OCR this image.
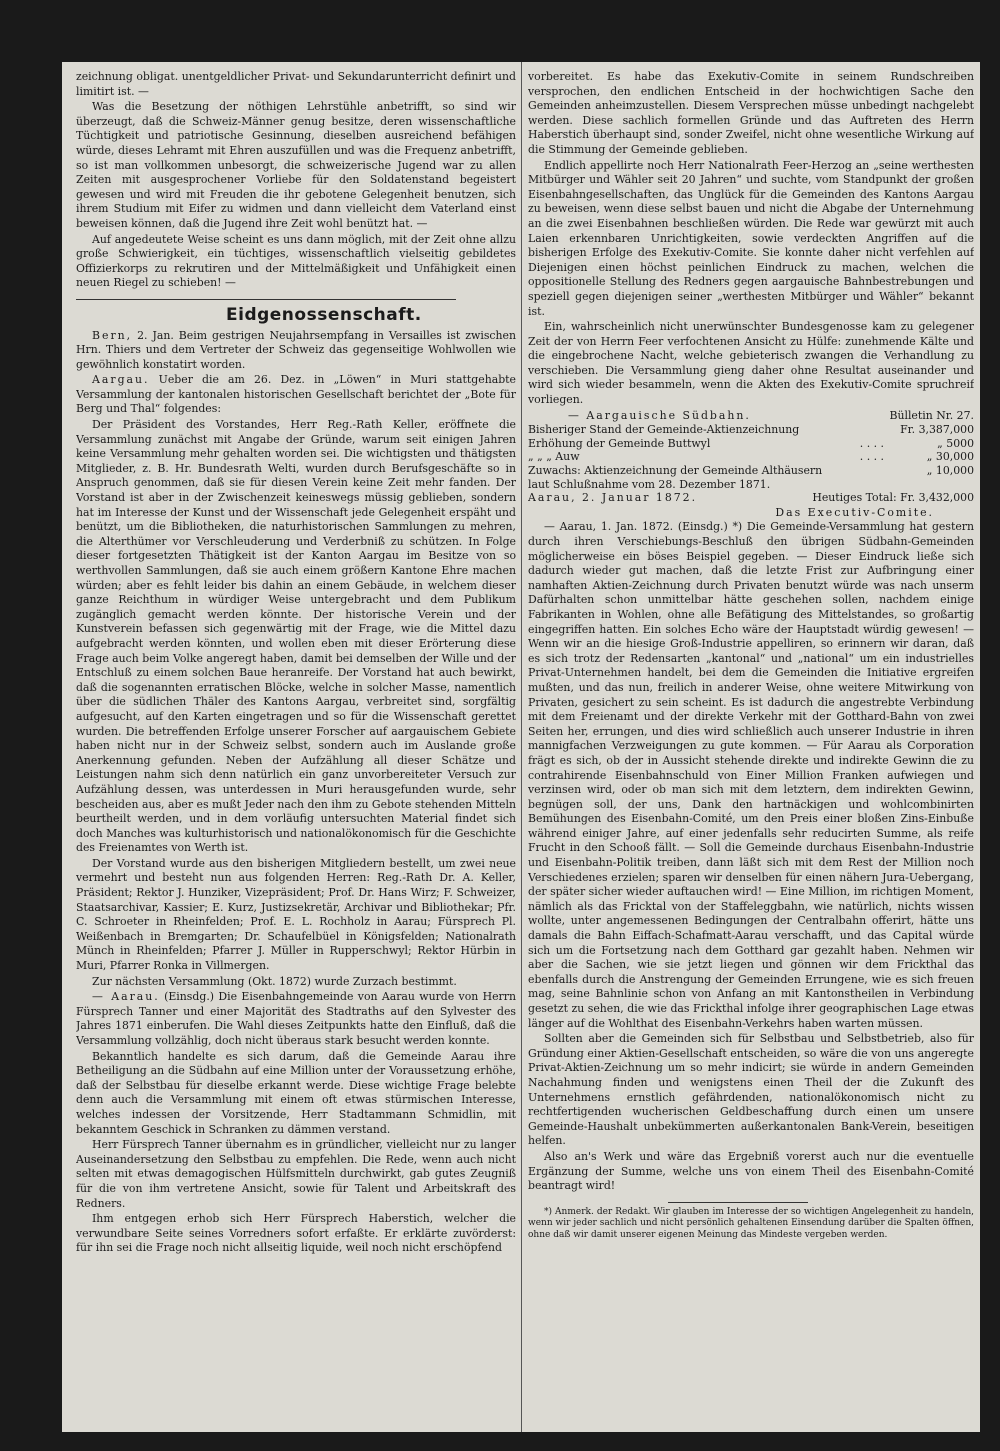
zeichnung obligat. unentgeldlicher Privat- und Sekundarunterricht definirt und limitirt ist. —

Was die Besetzung der nöthigen Lehrstühle anbetrifft, so sind wir überzeugt, daß die Schweiz-Männer genug besitze, deren wissenschaftliche Tüchtigkeit und patriotische Gesinnung, dieselben ausreichend befähigen würde, dieses Lehramt mit Ehren auszufüllen und was die Frequenz anbetrifft, so ist man vollkommen unbesorgt, die schweizerische Jugend war zu allen Zeiten mit ausgesprochener Vorliebe für den Soldatenstand begeistert gewesen und wird mit Freuden die ihr gebotene Gelegenheit benutzen, sich ihrem Studium mit Eifer zu widmen und dann vielleicht dem Vaterland einst beweisen können, daß die Jugend ihre Zeit wohl benützt hat. —

Auf angedeutete Weise scheint es uns dann möglich, mit der Zeit ohne allzu große Schwierigkeit, ein tüchtiges, wissenschaftlich vielseitig gebildetes Offizierkorps zu rekrutiren und der Mittelmäßigkeit und Unfähigkeit einen neuen Riegel zu schieben! —

Eidgenossenschaft.

Bern, 2. Jan. Beim gestrigen Neujahrsempfang in Versailles ist zwischen Hrn. Thiers und dem Vertreter der Schweiz das gegenseitige Wohlwollen wie gewöhnlich konstatirt worden.

Aargau. Ueber die am 26. Dez. in „Löwen“ in Muri stattgehabte Versammlung der kantonalen historischen Gesellschaft berichtet der „Bote für Berg und Thal“ folgendes:

Der Präsident des Vorstandes, Herr Reg.-Rath Keller, eröffnete die Versammlung zunächst mit Angabe der Gründe, warum seit einigen Jahren keine Versammlung mehr gehalten worden sei. Die wichtigsten und thätigsten Mitglieder, z. B. Hr. Bundesrath Welti, wurden durch Berufsgeschäfte so in Anspruch genommen, daß sie für diesen Verein keine Zeit mehr fanden. Der Vorstand ist aber in der Zwischenzeit keineswegs müssig geblieben, sondern hat im Interesse der Kunst und der Wissenschaft jede Gelegenheit erspäht und benützt, um die Bibliotheken, die naturhistorischen Sammlungen zu mehren, die Alterthümer vor Verschleuderung und Verderbniß zu schützen. In Folge dieser fortgesetzten Thätigkeit ist der Kanton Aargau im Besitze von so werthvollen Sammlungen, daß sie auch einem größern Kantone Ehre machen würden; aber es fehlt leider bis dahin an einem Gebäude, in welchem dieser ganze Reichthum in würdiger Weise untergebracht und dem Publikum zugänglich gemacht werden könnte. Der historische Verein und der Kunstverein befassen sich gegenwärtig mit der Frage, wie die Mittel dazu aufgebracht werden könnten, und wollen eben mit dieser Erörterung diese Frage auch beim Volke angeregt haben, damit bei demselben der Wille und der Entschluß zu einem solchen Baue heranreife. Der Vorstand hat auch bewirkt, daß die sogenannten erratischen Blöcke, welche in solcher Masse, namentlich über die südlichen Thäler des Kantons Aargau, verbreitet sind, sorgfältig aufgesucht, auf den Karten eingetragen und so für die Wissenschaft gerettet wurden. Die betreffenden Erfolge unserer Forscher auf aargauischem Gebiete haben nicht nur in der Schweiz selbst, sondern auch im Auslande große Anerkennung gefunden. Neben der Aufzählung all dieser Schätze und Leistungen nahm sich denn natürlich ein ganz unvorbereiteter Versuch zur Aufzählung dessen, was unterdessen in Muri herausgefunden wurde, sehr bescheiden aus, aber es mußt Jeder nach den ihm zu Gebote stehenden Mitteln beurtheilt werden, und in dem vorläufig untersuchten Material findet sich doch Manches was kulturhistorisch und nationalökonomisch für die Geschichte des Freienamtes von Werth ist.

Der Vorstand wurde aus den bisherigen Mitgliedern bestellt, um zwei neue vermehrt und besteht nun aus folgenden Herren: Reg.-Rath Dr. A. Keller, Präsident; Rektor J. Hunziker, Vizepräsident; Prof. Dr. Hans Wirz; F. Schweizer, Staatsarchivar, Kassier; E. Kurz, Justizsekretär, Archivar und Bibliothekar; Pfr. C. Schroeter in Rheinfelden; Prof. E. L. Rochholz in Aarau; Fürsprech Pl. Weißenbach in Bremgarten; Dr. Schaufelbüel in Königsfelden; Nationalrath Münch in Rheinfelden; Pfarrer J. Müller in Rupperschwyl; Rektor Hürbin in Muri, Pfarrer Ronka in Villmergen.

Zur nächsten Versammlung (Okt. 1872) wurde Zurzach bestimmt.

— Aarau. (Einsdg.) Die Eisenbahngemeinde von Aarau wurde von Herrn Fürsprech Tanner und einer Majorität des Stadtraths auf den Sylvester des Jahres 1871 einberufen. Die Wahl dieses Zeitpunkts hatte den Einfluß, daß die Versammlung vollzählig, doch nicht überaus stark besucht werden konnte.

Bekanntlich handelte es sich darum, daß die Gemeinde Aarau ihre Betheiligung an die Südbahn auf eine Million unter der Voraussetzung erhöhe, daß der Selbstbau für dieselbe erkannt werde. Diese wichtige Frage belebte denn auch die Versammlung mit einem oft etwas stürmischen Interesse, welches indessen der Vorsitzende, Herr Stadtammann Schmidlin, mit bekanntem Geschick in Schranken zu dämmen verstand.

Herr Fürsprech Tanner übernahm es in gründlicher, vielleicht nur zu langer Auseinandersetzung den Selbstbau zu empfehlen. Die Rede, wenn auch nicht selten mit etwas demagogischen Hülfsmitteln durchwirkt, gab gutes Zeugniß für die von ihm vertretene Ansicht, sowie für Talent und Arbeitskraft des Redners.

Ihm entgegen erhob sich Herr Fürsprech Haberstich, welcher die verwundbare Seite seines Vorredners sofort erfaßte. Er erklärte zuvörderst: für ihn sei die Frage noch nicht allseitig liquide, weil noch nicht erschöpfend

vorbereitet. Es habe das Exekutiv-Comite in seinem Rundschreiben versprochen, den endlichen Entscheid in der hochwichtigen Sache den Gemeinden anheimzustellen. Diesem Versprechen müsse unbedingt nachgelebt werden. Diese sachlich formellen Gründe und das Auftreten des Herrn Haberstich überhaupt sind, sonder Zweifel, nicht ohne wesentliche Wirkung auf die Stimmung der Gemeinde geblieben.

Endlich appellirte noch Herr Nationalrath Feer-Herzog an „seine werthesten Mitbürger und Wähler seit 20 Jahren“ und suchte, vom Standpunkt der großen Eisenbahngesellschaften, das Unglück für die Gemeinden des Kantons Aargau zu beweisen, wenn diese selbst bauen und nicht die Abgabe der Unternehmung an die zwei Eisenbahnen beschließen würden. Die Rede war gewürzt mit auch Laien erkennbaren Unrichtigkeiten, sowie verdeckten Angriffen auf die bisherigen Erfolge des Exekutiv-Comite. Sie konnte daher nicht verfehlen auf Diejenigen einen höchst peinlichen Eindruck zu machen, welchen die oppositionelle Stellung des Redners gegen aargauische Bahnbestrebungen und speziell gegen diejenigen seiner „werthesten Mitbürger und Wähler“ bekannt ist.

Ein, wahrscheinlich nicht unerwünschter Bundesgenosse kam zu gelegener Zeit der von Herrn Feer verfochtenen Ansicht zu Hülfe: zunehmende Kälte und die eingebrochene Nacht, welche gebieterisch zwangen die Verhandlung zu verschieben. Die Versammlung gieng daher ohne Resultat auseinander und wird sich wieder besammeln, wenn die Akten des Exekutiv-Comite spruchreif vorliegen.

— Aargauische Südbahn.	Bülletin Nr. 27.
Bisheriger Stand der Gemeinde-Aktienzeichnung		Fr. 3,387,000
Erhöhung der Gemeinde Buttwyl	. . . .	„ 5000
„ „ „ Auw	. . . .	„ 30,000
Zuwachs: Aktienzeichnung der Gemeinde Althäusern		„ 10,000
laut Schlußnahme vom 28. Dezember 1871.		
Aarau, 2. Januar 1872.	Heutiges Total: Fr. 3,432,000
Das Executiv-Comite.

— Aarau, 1. Jan. 1872. (Einsdg.) *) Die Gemeinde-Versammlung hat gestern durch ihren Verschiebungs-Beschluß den übrigen Südbahn-Gemeinden möglicherweise ein böses Beispiel gegeben. — Dieser Eindruck ließe sich dadurch wieder gut machen, daß die letzte Frist zur Aufbringung einer namhaften Aktien-Zeichnung durch Privaten benutzt würde was nach unserm Dafürhalten schon unmittelbar hätte geschehen sollen, nachdem einige Fabrikanten in Wohlen, ohne alle Befätigung des Mittelstandes, so großartig eingegriffen hatten. Ein solches Echo wäre der Hauptstadt würdig gewesen! — Wenn wir an die hiesige Groß-Industrie appelliren, so erinnern wir daran, daß es sich trotz der Redensarten „kantonal“ und „national“ um ein industrielles Privat-Unternehmen handelt, bei dem die Gemeinden die Initiative ergreifen mußten, und das nun, freilich in anderer Weise, ohne weitere Mitwirkung von Privaten, gesichert zu sein scheint. Es ist dadurch die angestrebte Verbindung mit dem Freienamt und der direkte Verkehr mit der Gotthard-Bahn von zwei Seiten her, errungen, und dies wird schließlich auch unserer Industrie in ihren mannigfachen Verzweigungen zu gute kommen. — Für Aarau als Corporation frägt es sich, ob der in Aussicht stehende direkte und indirekte Gewinn die zu contrahirende Eisenbahnschuld von Einer Million Franken aufwiegen und verzinsen wird, oder ob man sich mit dem letztern, dem indirekten Gewinn, begnügen soll, der uns, Dank den hartnäckigen und wohlcombinirten Bemühungen des Eisenbahn-Comité, um den Preis einer bloßen Zins-Einbuße während einiger Jahre, auf einer jedenfalls sehr reducirten Summe, als reife Frucht in den Schooß fällt. — Soll die Gemeinde durchaus Eisenbahn-Industrie und Eisenbahn-Politik treiben, dann läßt sich mit dem Rest der Million noch Verschiedenes erzielen; sparen wir denselben für einen nähern Jura-Uebergang, der später sicher wieder auftauchen wird! — Eine Million, im richtigen Moment, nämlich als das Fricktal von der Staffeleggbahn, wie natürlich, nichts wissen wollte, unter angemessenen Bedingungen der Centralbahn offerirt, hätte uns damals die Bahn Eiffach-Schafmatt-Aarau verschafft, und das Capital würde sich um die Fortsetzung nach dem Gotthard gar gezahlt haben. Nehmen wir aber die Sachen, wie sie jetzt liegen und gönnen wir dem Frickthal das ebenfalls durch die Anstrengung der Gemeinden Errungene, wie es sich freuen mag, seine Bahnlinie schon von Anfang an mit Kantonstheilen in Verbindung gesetzt zu sehen, die wie das Frickthal infolge ihrer geographischen Lage etwas länger auf die Wohlthat des Eisenbahn-Verkehrs haben warten müssen.

Sollten aber die Gemeinden sich für Selbstbau und Selbstbetrieb, also für Gründung einer Aktien-Gesellschaft entscheiden, so wäre die von uns angeregte Privat-Aktien-Zeichnung um so mehr indicirt; sie würde in andern Gemeinden Nachahmung finden und wenigstens einen Theil der die Zukunft des Unternehmens ernstlich gefährdenden, nationalökonomisch nicht zu rechtfertigenden wucherischen Geldbeschaffung durch einen um unsere Gemeinde-Haushalt unbekümmerten außerkantonalen Bank-Verein, beseitigen helfen.

Also an's Werk und wäre das Ergebniß vorerst auch nur die eventuelle Ergänzung der Summe, welche uns von einem Theil des Eisenbahn-Comité beantragt wird!

*) Anmerk. der Redakt. Wir glauben im Interesse der so wichtigen Angelegenheit zu handeln, wenn wir jeder sachlich und nicht persönlich gehaltenen Einsendung darüber die Spalten öffnen, ohne daß wir damit unserer eigenen Meinung das Mindeste vergeben werden.
